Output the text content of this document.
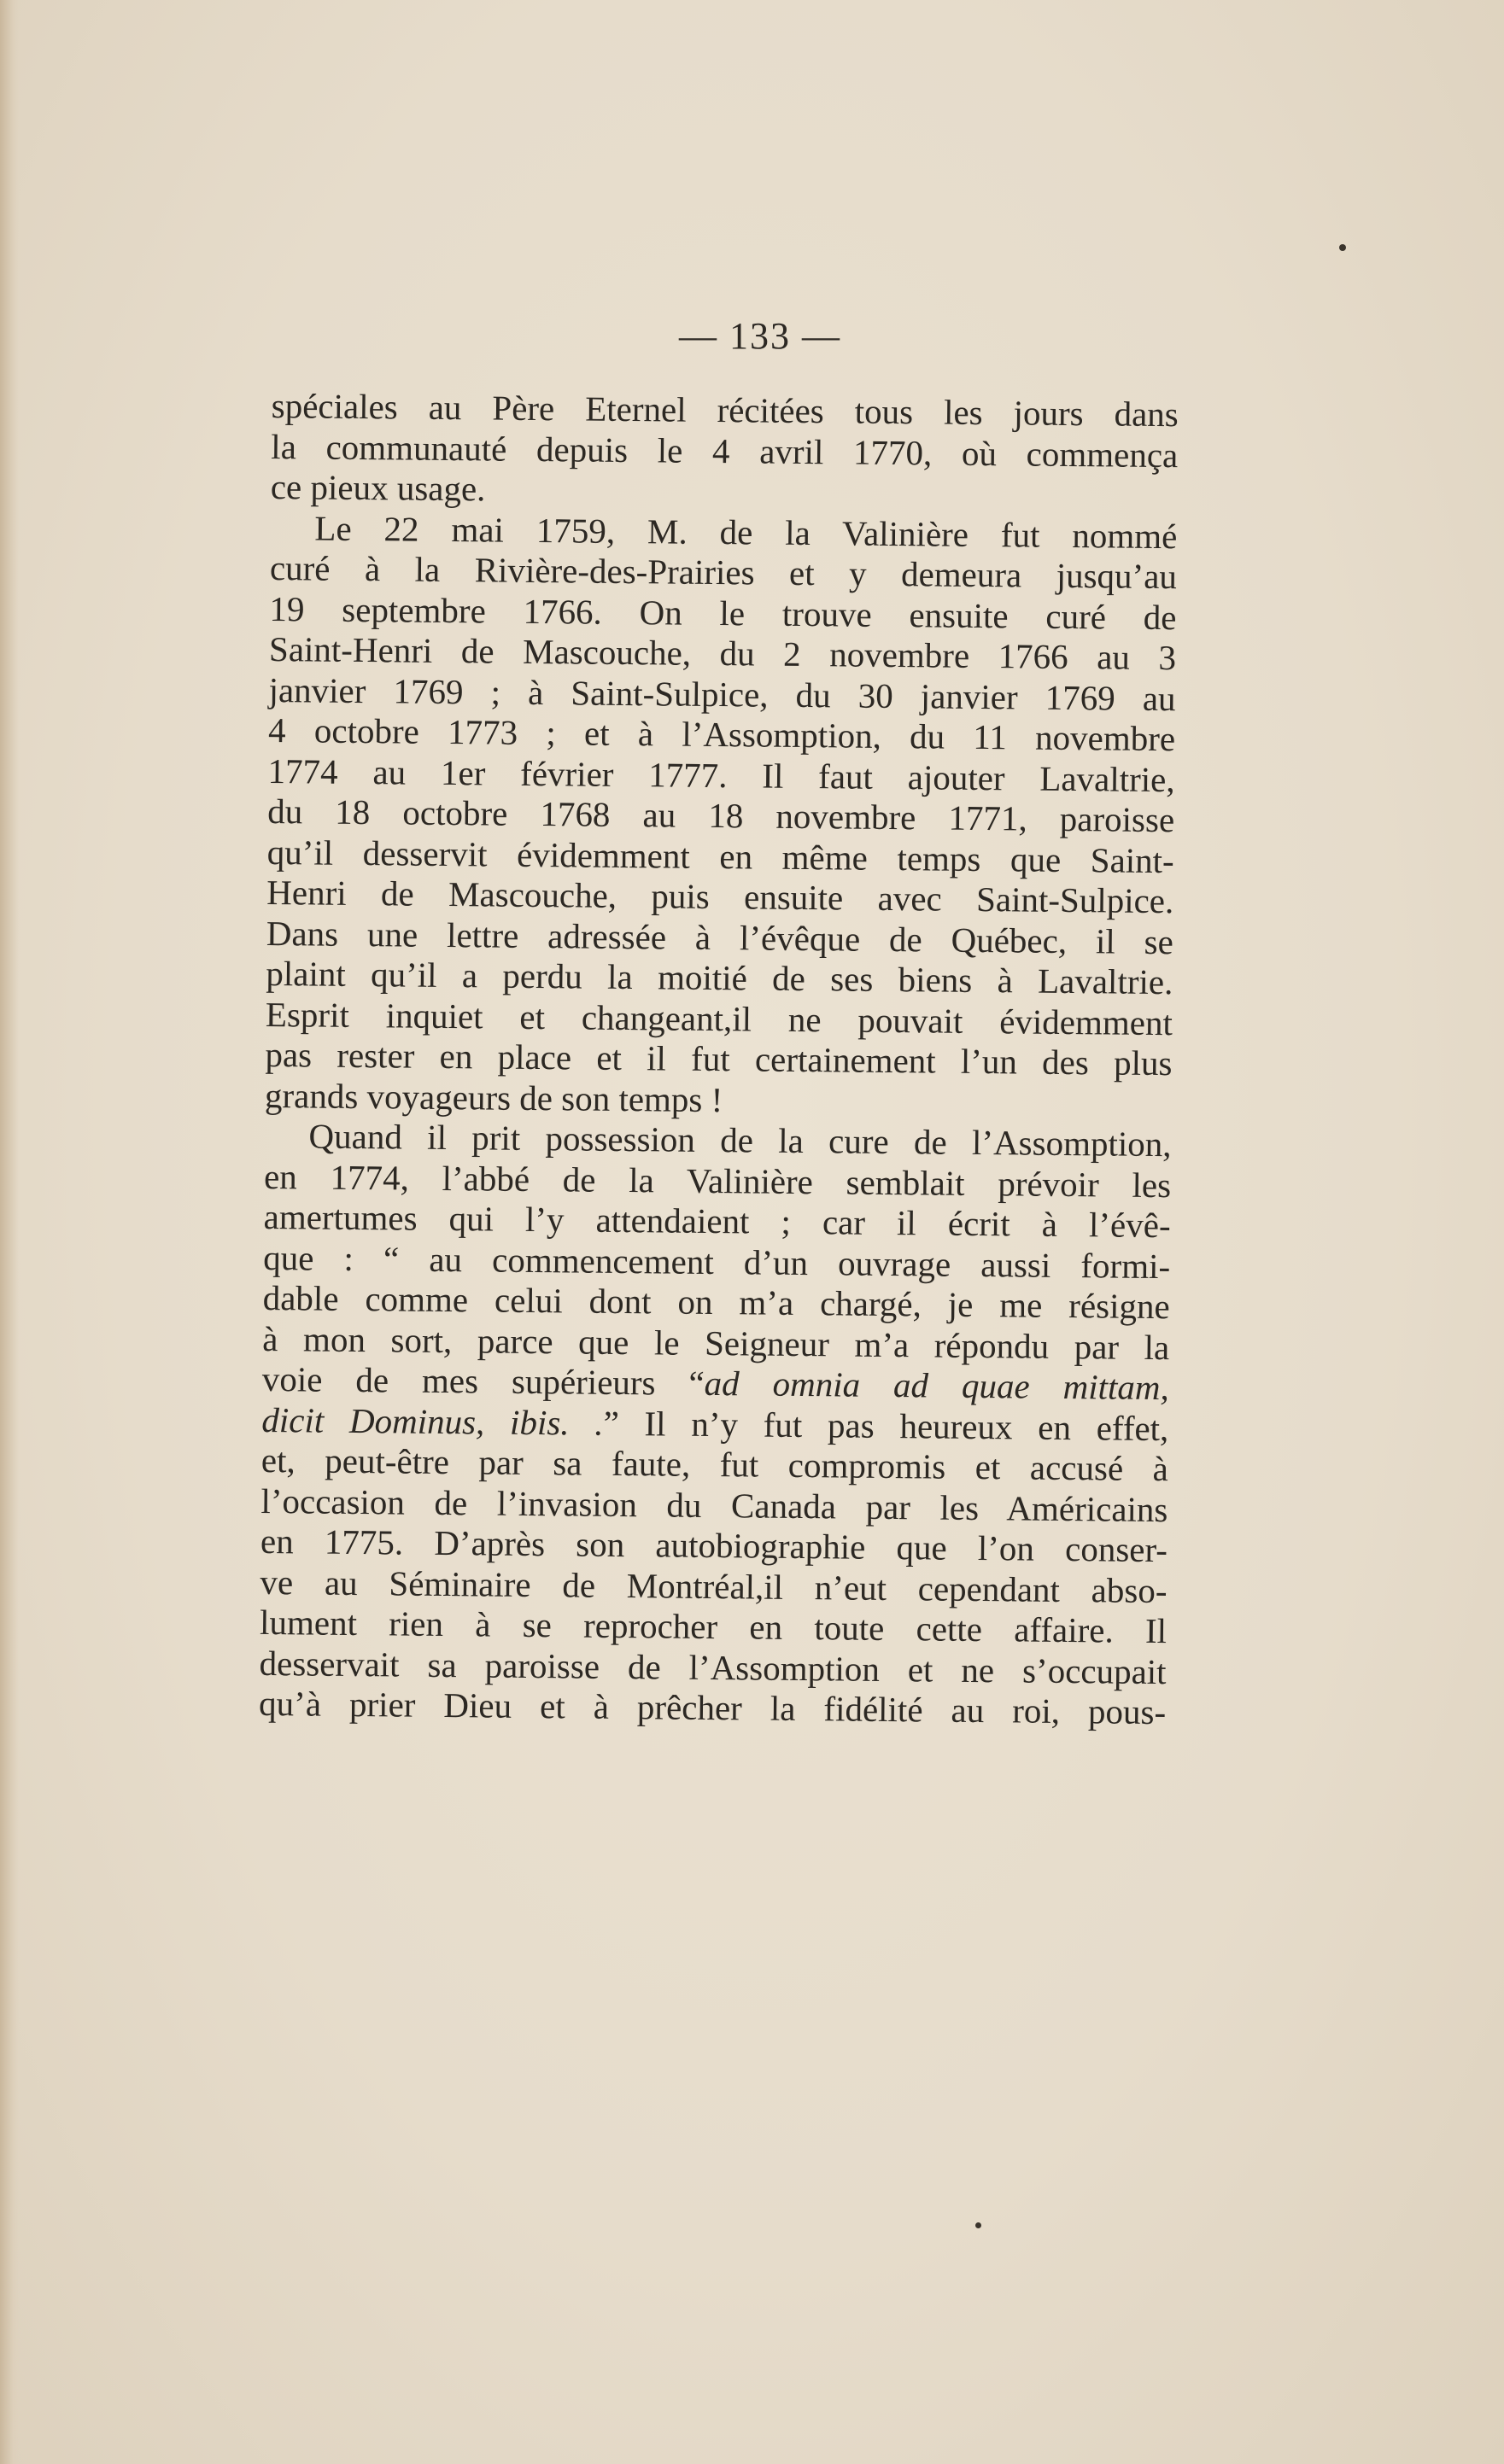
— 133 —

spéciales au Père Eternel récitées tous les jours dans
la communauté depuis le 4 avril 1770, où commença
ce pieux usage.

Le 22 mai 1759, M. de la Valinière fut nommé
curé à la Rivière-des-Prairies et y demeura jusqu’au
19 septembre 1766. On le trouve ensuite curé de
Saint-Henri de Mascouche, du 2 novembre 1766 au 3
janvier 1769 ; à Saint-Sulpice, du 30 janvier 1769 au
4 octobre 1773 ; et à l’Assomption, du 11 novembre
1774 au 1er février 1777. Il faut ajouter Lavaltrie,
du 18 octobre 1768 au 18 novembre 1771, paroisse
qu’il desservit évidemment en même temps que Saint-
Henri de Mascouche, puis ensuite avec Saint-Sulpice.
Dans une lettre adressée à l’évêque de Québec, il se
plaint qu’il a perdu la moitié de ses biens à Lavaltrie.
Esprit inquiet et changeant,il ne pouvait évidemment
pas rester en place et il fut certainement l’un des plus
grands voyageurs de son temps !

Quand il prit possession de la cure de l’Assomption,
en 1774, l’abbé de la Valinière semblait prévoir les
amertumes qui l’y attendaient ; car il écrit à l’évê-
que : “ au commencement d’un ouvrage aussi formi-
dable comme celui dont on m’a chargé, je me résigne
à mon sort, parce que le Seigneur m’a répondu par la
voie de mes supérieurs “ad omnia ad quae mittam,
dicit Dominus, ibis. .” Il n’y fut pas heureux en effet,
et, peut-être par sa faute, fut compromis et accusé à
l’occasion de l’invasion du Canada par les Américains
en 1775. D’après son autobiographie que l’on conser-
ve au Séminaire de Montréal,il n’eut cependant abso-
lument rien à se reprocher en toute cette affaire. Il
desservait sa paroisse de l’Assomption et ne s’occupait
qu’à prier Dieu et à prêcher la fidélité au roi, pous-
